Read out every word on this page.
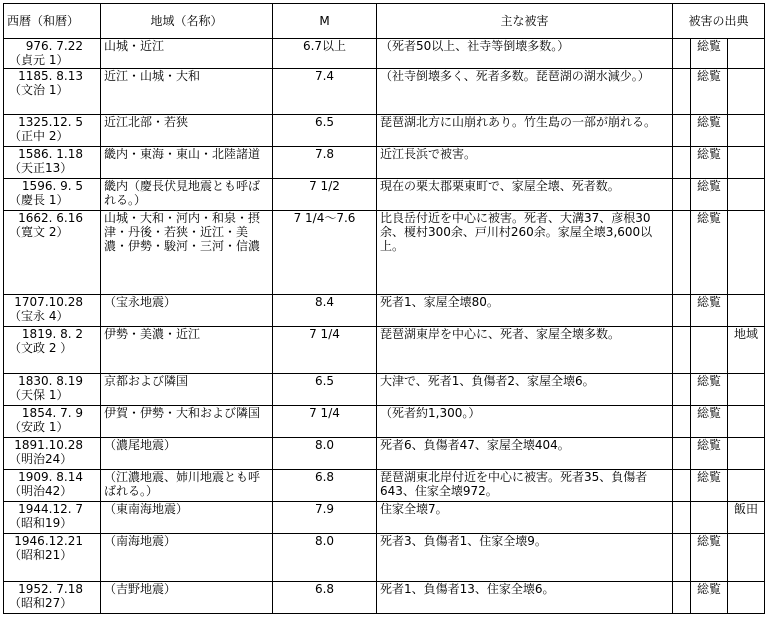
西暦（和暦）	地域（名称）	M	主な被害	被害の出典		

976. 7.22
（貞元 1）	山城・近江	6.7以上	（死者50以上、社寺等倒壊多数。）		総覧	

1185. 8.13
（文治 1）	近江・山城・大和	7.4	（社寺倒壊多く、死者多数。琵琶湖の湖水減少。）		総覧	

1325.12. 5
（正中 2）	近江北部・若狭	6.5	琵琶湖北方に山崩れあり。竹生島の一部が崩れる。		総覧	

1586. 1.18
（天正13）	畿内・東海・東山・北陸諸道	7.8	近江長浜で被害。		総覧	

1596. 9. 5
（慶長 1）	畿内（慶長伏見地震とも呼ばれる。）	7 1/2	現在の栗太郡栗東町で、家屋全壊、死者数。		総覧	

1662. 6.16
（寛文 2）	山城・大和・河内・和泉・摂津・丹後・若狭・近江・美濃・伊勢・駿河・三河・信濃	7 1/4～7.6	比良岳付近を中心に被害。死者、大溝37、彦根30余、榎村300余、戸川村260余。家屋全壊3,600以上。		総覧	

1707.10.28
（宝永 4）	（宝永地震）	8.4	死者1、家屋全壊80。		総覧	

1819. 8. 2
（文政 2 ）	伊勢・美濃・近江	7 1/4	琵琶湖東岸を中心に、死者、家屋全壊多数。			地域

1830. 8.19
（天保 1）	京都および隣国	6.5	大津で、死者1、負傷者2、家屋全壊6。		総覧	

1854. 7. 9
（安政 1）	伊賀・伊勢・大和および隣国	7 1/4	（死者約1,300。）		総覧	

1891.10.28
（明治24）	（濃尾地震）	8.0	死者6、負傷者47、家屋全壊404。		総覧	

1909. 8.14
（明治42）	（江濃地震、姉川地震とも呼ばれる。）	6.8	琵琶湖東北岸付近を中心に被害。死者35、負傷者643、住家全壊972。		総覧	

1944.12. 7
（昭和19）	（東南海地震）	7.9	住家全壊7。			飯田

1946.12.21
（昭和21）	（南海地震）	8.0	死者3、負傷者1、住家全壊9。		総覧	

1952. 7.18
（昭和27）	（吉野地震）	6.8	死者1、負傷者13、住家全壊6。		総覧	
